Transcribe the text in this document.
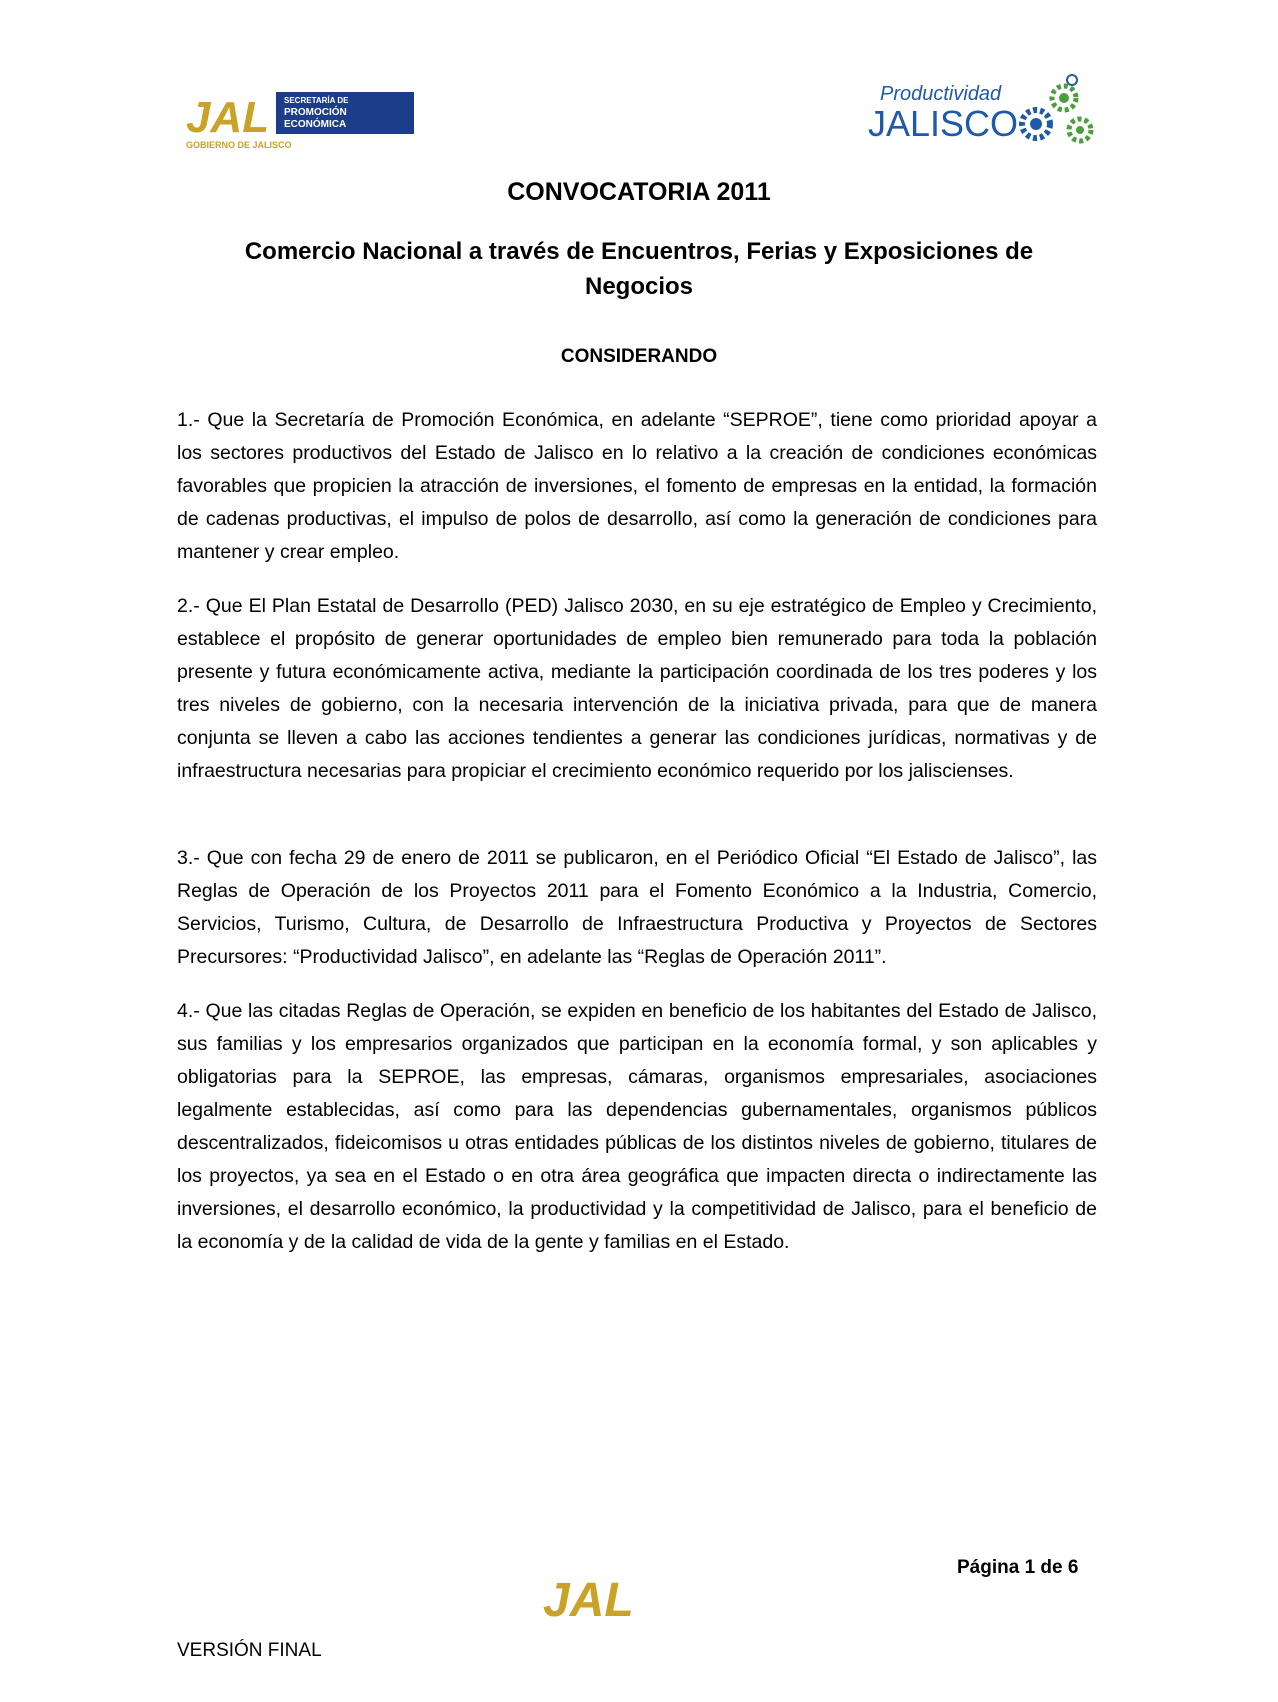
JAL SECRETARÍA DE
PROMOCIÓN
ECONÓMICA
GOBIERNO DE JALISCO
Productividad
JALISCO
CONVOCATORIA 2011
Comercio Nacional a través de Encuentros, Ferias y Exposiciones de
Negocios
CONSIDERANDO
1.- Que la Secretaría de Promoción Económica, en adelante “SEPROE”, tiene como prioridad apoyar a los sectores productivos del Estado de Jalisco en lo relativo a la creación de condiciones económicas favorables que propicien la atracción de inversiones, el fomento de empresas en la entidad, la formación de cadenas productivas, el impulso de polos de desarrollo, así como la generación de condiciones para mantener y crear empleo.
2.- Que El Plan Estatal de Desarrollo (PED) Jalisco 2030, en su eje estratégico de Empleo y Crecimiento, establece el propósito de generar oportunidades de empleo bien remunerado para toda la población presente y futura económicamente activa, mediante la participación coordinada de los tres poderes y los tres niveles de gobierno, con la necesaria intervención de la iniciativa privada, para que de manera conjunta se lleven a cabo las acciones tendientes a generar las condiciones jurídicas, normativas y de infraestructura necesarias para propiciar el crecimiento económico requerido por los jaliscienses.
3.- Que con fecha 29 de enero de 2011 se publicaron, en el Periódico Oficial “El Estado de Jalisco”, las Reglas de Operación de los Proyectos 2011 para el Fomento Económico a la Industria, Comercio, Servicios, Turismo, Cultura, de Desarrollo de Infraestructura Productiva y Proyectos de Sectores Precursores: “Productividad Jalisco”, en adelante las “Reglas de Operación 2011”.
4.- Que las citadas Reglas de Operación, se expiden en beneficio de los habitantes del Estado de Jalisco, sus familias y los empresarios organizados que participan en la economía formal, y son aplicables y obligatorias para la SEPROE, las empresas, cámaras, organismos empresariales, asociaciones legalmente establecidas, así como para las dependencias gubernamentales, organismos públicos descentralizados, fideicomisos u otras entidades públicas de los distintos niveles de gobierno, titulares de los proyectos, ya sea en el Estado o en otra área geográfica que impacten directa o indirectamente las inversiones, el desarrollo económico, la productividad y la competitividad de Jalisco, para el beneficio de la economía y de la calidad de vida de la gente y familias en el Estado.
JAL
Página 1 de 6
VERSIÓN FINAL
